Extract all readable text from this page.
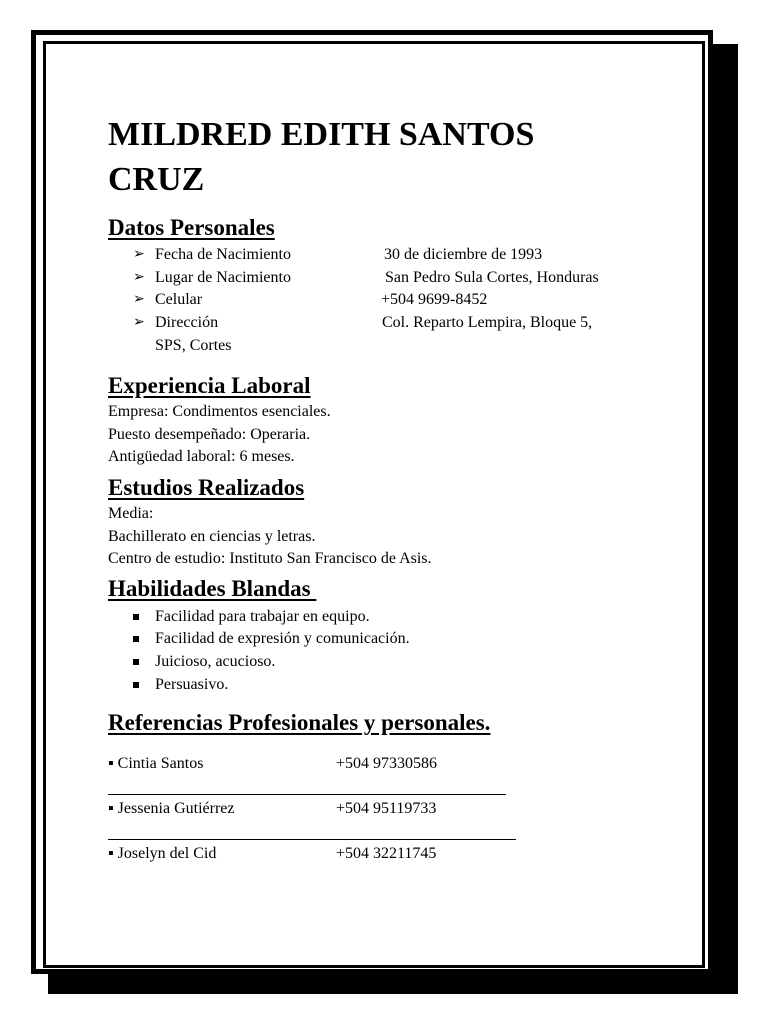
MILDRED EDITH SANTOS CRUZ
Datos Personales
➢ Fecha de Nacimiento	30 de diciembre de 1993
➢ Lugar de Nacimiento	San Pedro Sula Cortes, Honduras
➢ Celular	+504 9699-8452
➢ Dirección	Col. Reparto Lempira, Bloque 5,
SPS, Cortes
Experiencia Laboral
Empresa: Condimentos esenciales.
Puesto desempeñado: Operaria.
Antigüedad laboral: 6 meses.
Estudios Realizados
Media:
Bachillerato en ciencias y letras.
Centro de estudio: Instituto San Francisco de Asis.
Habilidades Blandas
Facilidad para trabajar en equipo.
Facilidad de expresión y comunicación.
Juicioso, acucioso.
Persuasivo.
Referencias Profesionales y personales.
▪ Cintia Santos	+504 97330586
▪ Jessenia Gutiérrez	+504 95119733
▪ Joselyn del Cid	+504 32211745
